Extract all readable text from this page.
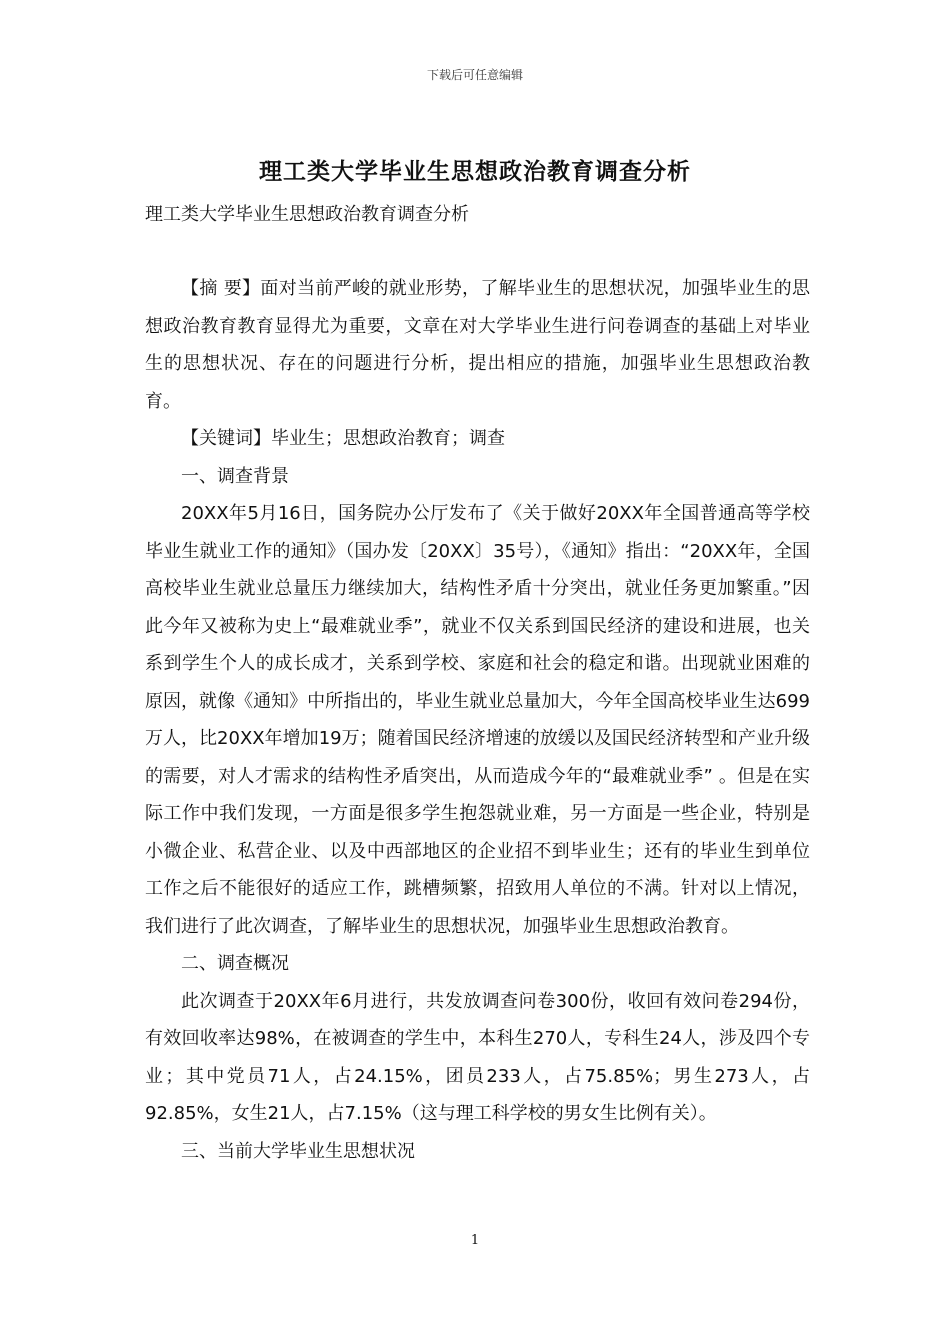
下载后可任意编辑
理工类大学毕业生思想政治教育调查分析
理工类大学毕业生思想政治教育调查分析

【摘 要】面对当前严峻的就业形势，了解毕业生的思想状况，加强毕业生的思想政治教育教育显得尤为重要，文章在对大学毕业生进行问卷调查的基础上对毕业生的思想状况、存在的问题进行分析，提出相应的措施，加强毕业生思想政治教育。

【关键词】毕业生；思想政治教育；调查

一、调查背景

20XX年5月16日，国务院办公厅发布了《关于做好20XX年全国普通高等学校毕业生就业工作的通知》（国办发〔20XX〕35号），《通知》指出：“20XX年，全国高校毕业生就业总量压力继续加大，结构性矛盾十分突出，就业任务更加繁重。”因此今年又被称为史上“最难就业季”，就业不仅关系到国民经济的建设和进展，也关系到学生个人的成长成才，关系到学校、家庭和社会的稳定和谐。出现就业困难的原因，就像《通知》中所指出的，毕业生就业总量加大，今年全国高校毕业生达699万人，比20XX年增加19万；随着国民经济增速的放缓以及国民经济转型和产业升级的需要，对人才需求的结构性矛盾突出，从而造成今年的“最难就业季” 。但是在实际工作中我们发现，一方面是很多学生抱怨就业难，另一方面是一些企业，特别是小微企业、私营企业、以及中西部地区的企业招不到毕业生；还有的毕业生到单位工作之后不能很好的适应工作，跳槽频繁，招致用人单位的不满。针对以上情况，我们进行了此次调查，了解毕业生的思想状况，加强毕业生思想政治教育。

二、调查概况

此次调查于20XX年6月进行，共发放调查问卷300份，收回有效问卷294份，有效回收率达98%，在被调查的学生中，本科生270人，专科生24人，涉及四个专业；其中党员71人，占24.15%，团员233人，占75.85%；男生273人，占92.85%，女生21人，占7.15%（这与理工科学校的男女生比例有关）。

三、当前大学毕业生思想状况

1
